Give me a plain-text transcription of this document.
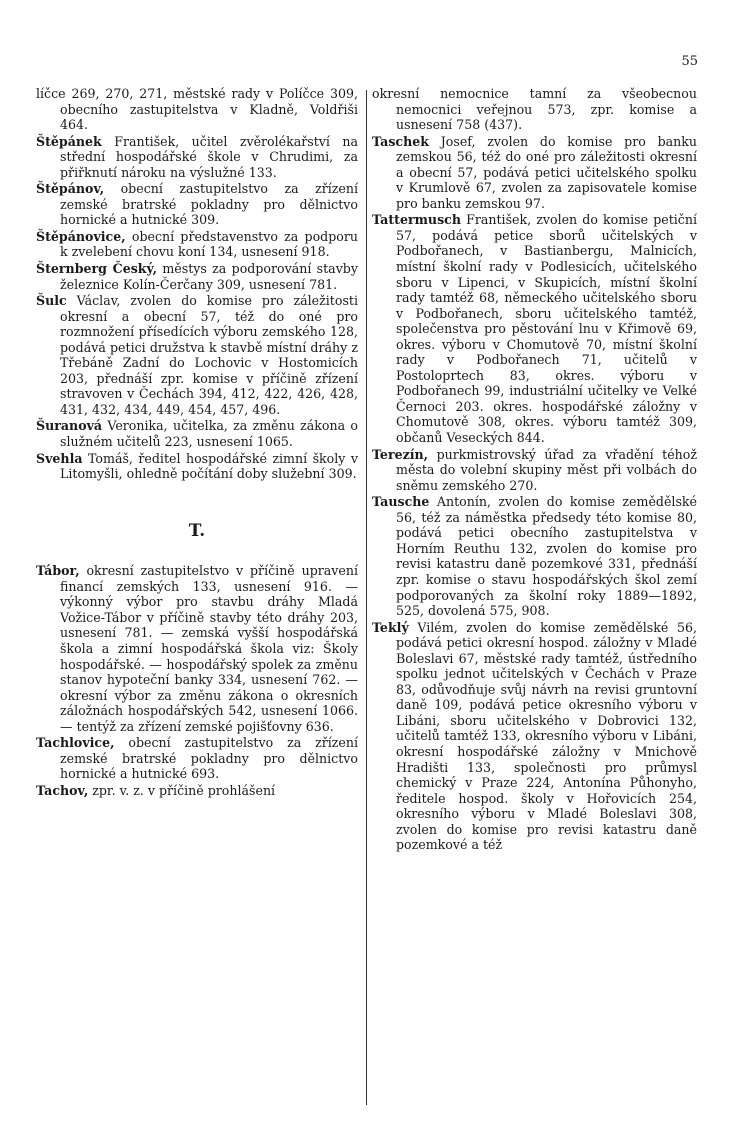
55

líčce 269, 270, 271, městské rady v Políčce 309, obecního zastupitelstva v Kladně, Voldřiši 464.

Štěpánek František, učitel zvěrolékařství na střední hospodářské škole v Chrudimi, za přiřknutí nároku na výslužné 133.

Štěpánov, obecní zastupitelstvo za zřízení zemské bratrské pokladny pro dělnictvo hornické a hutnické 309.

Štěpánovice, obecní představenstvo za podporu k zvelebení chovu koní 134, usnesení 918.

Šternberg Český, městys za podporování stavby železnice Kolín-Čerčany 309, usnesení 781.

Šulc Václav, zvolen do komise pro záležitosti okresní a obecní 57, též do oné pro rozmnožení přísedících výboru zemského 128, podává petici družstva k stavbě místní dráhy z Třebáně Zadní do Lochovic v Hostomicích 203, přednáší zpr. komise v příčině zřízení stravoven v Čechách 394, 412, 422, 426, 428, 431, 432, 434, 449, 454, 457, 496.

Šuranová Veronika, učitelka, za změnu zákona o služném učitelů 223, usnesení 1065.

Svehla Tomáš, ředitel hospodářské zimní školy v Litomyšli, ohledně počítání doby služební 309.

T.

Tábor, okresní zastupitelstvo v příčině upravení financí zemských 133, usnesení 916. — výkonný výbor pro stavbu dráhy Mladá Vožice-Tábor v příčině stavby této dráhy 203, usnesení 781. — zemská vyšší hospodářská škola a zimní hospodářská škola viz: Školy hospodářské. — hospodářský spolek za změnu stanov hypoteční banky 334, usnesení 762. — okresní výbor za změnu zákona o okresních záložnách hospodářských 542, usnesení 1066. — tentýž za zřízení zemské pojišťovny 636.

Tachlovice, obecní zastupitelstvo za zřízení zemské bratrské pokladny pro dělnictvo hornické a hutnické 693.

Tachov, zpr. v. z. v příčině prohlášení

okresní nemocnice tamní za všeobecnou nemocnici veřejnou 573, zpr. komise a usnesení 758 (437).

Taschek Josef, zvolen do komise pro banku zemskou 56, též do oné pro záležitosti okresní a obecní 57, podává petici učitelského spolku v Krumlově 67, zvolen za zapisovatele komise pro banku zemskou 97.

Tattermusch František, zvolen do komise petiční 57, podává petice sborů učitelských v Podbořanech, v Bastianbergu, Malnicích, místní školní rady v Podlesicích, učitelského sboru v Lipenci, v Skupicích, místní školní rady tamtéž 68, německého učitelského sboru v Podbořanech, sboru učitelského tamtéž, společenstva pro pěstování lnu v Křimově 69, okres. výboru v Chomutově 70, místní školní rady v Podbořanech 71, učitelů v Postoloprtech 83, okres. výboru v Podbořanech 99, industriální učitelky ve Velké Černoci 203. okres. hospodářské záložny v Chomutově 308, okres. výboru tamtéž 309, občanů Veseckých 844.

Terezín, purkmistrovský úřad za vřadění téhož města do volební skupiny měst při volbách do sněmu zemského 270.

Tausche Antonín, zvolen do komise zemědělské 56, též za náměstka předsedy této komise 80, podává petici obecního zastupitelstva v Horním Reuthu 132, zvolen do komise pro revisi katastru daně pozemkové 331, přednáší zpr. komise o stavu hospodářských škol zemí podporovaných za školní roky 1889—1892, 525, dovolená 575, 908.

Teklý Vilém, zvolen do komise zemědělské 56, podává petici okresní hospod. záložny v Mladé Boleslavi 67, městské rady tamtéž, ústředního spolku jednot učitelských v Čechách v Praze 83, odůvodňuje svůj návrh na revisi gruntovní daně 109, podává petice okresního výboru v Libáni, sboru učitelského v Dobrovici 132, učitelů tamtéž 133, okresního výboru v Libáni, okresní hospodářské záložny v Mnichově Hradišti 133, společnosti pro průmysl chemický v Praze 224, Antonína Půhonyho, ředitele hospod. školy v Hořovicích 254, okresního výboru v Mladé Boleslavi 308, zvolen do komise pro revisi katastru daně pozemkové a též
